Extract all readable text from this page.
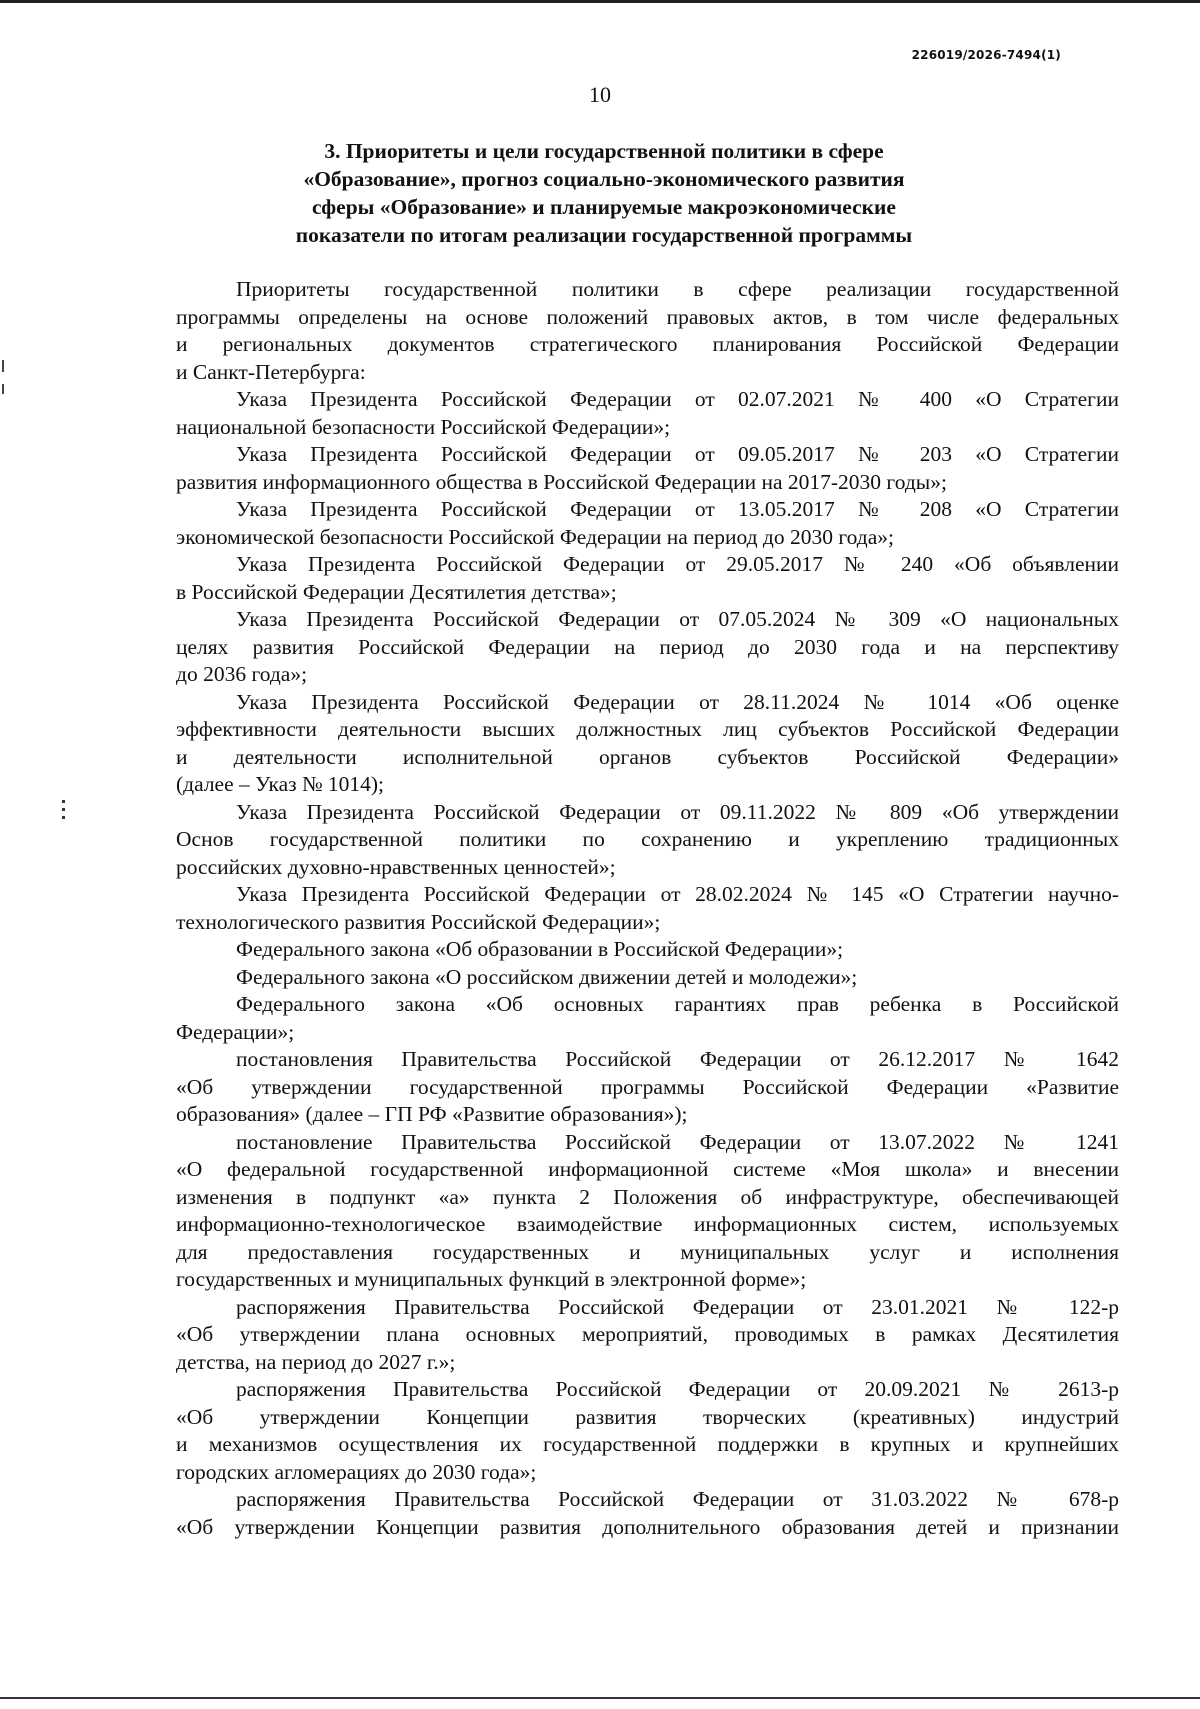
226019/2026-7494(1)

10

3. Приоритеты и цели государственной политики в сфере
«Образование», прогноз социально-экономического развития
сферы «Образование» и планируемые макроэкономические
показатели по итогам реализации государственной программы

Приоритеты государственной политики в сфере реализации государственной
программы определены на основе положений правовых актов, в том числе федеральных
и региональных документов стратегического планирования Российской Федерации
и Санкт-Петербурга:

Указа Президента Российской Федерации от 02.07.2021 № 400 «О Стратегии
национальной безопасности Российской Федерации»;

Указа Президента Российской Федерации от 09.05.2017 № 203 «О Стратегии
развития информационного общества в Российской Федерации на 2017-2030 годы»;

Указа Президента Российской Федерации от 13.05.2017 № 208 «О Стратегии
экономической безопасности Российской Федерации на период до 2030 года»;

Указа Президента Российской Федерации от 29.05.2017 № 240 «Об объявлении
в Российской Федерации Десятилетия детства»;

Указа Президента Российской Федерации от 07.05.2024 № 309 «О национальных
целях развития Российской Федерации на период до 2030 года и на перспективу
до 2036 года»;

Указа Президента Российской Федерации от 28.11.2024 № 1014 «Об оценке
эффективности деятельности высших должностных лиц субъектов Российской Федерации
и деятельности исполнительной органов субъектов Российской Федерации»
(далее – Указ № 1014);

Указа Президента Российской Федерации от 09.11.2022 № 809 «Об утверждении
Основ государственной политики по сохранению и укреплению традиционных
российских духовно-нравственных ценностей»;

Указа Президента Российской Федерации от 28.02.2024 № 145 «О Стратегии научно-
технологического развития Российской Федерации»;

Федерального закона «Об образовании в Российской Федерации»;

Федерального закона «О российском движении детей и молодежи»;

Федерального закона «Об основных гарантиях прав ребенка в Российской
Федерации»;

постановления Правительства Российской Федерации от 26.12.2017 № 1642
«Об утверждении государственной программы Российской Федерации «Развитие
образования» (далее – ГП РФ «Развитие образования»);

постановление Правительства Российской Федерации от 13.07.2022 № 1241
«О федеральной государственной информационной системе «Моя школа» и внесении
изменения в подпункт «а» пункта 2 Положения об инфраструктуре, обеспечивающей
информационно-технологическое взаимодействие информационных систем, используемых
для предоставления государственных и муниципальных услуг и исполнения
государственных и муниципальных функций в электронной форме»;

распоряжения Правительства Российской Федерации от 23.01.2021 № 122-р
«Об утверждении плана основных мероприятий, проводимых в рамках Десятилетия
детства, на период до 2027 г.»;

распоряжения Правительства Российской Федерации от 20.09.2021 № 2613-р
«Об утверждении Концепции развития творческих (креативных) индустрий
и механизмов осуществления их государственной поддержки в крупных и крупнейших
городских агломерациях до 2030 года»;

распоряжения Правительства Российской Федерации от 31.03.2022 № 678-р
«Об утверждении Концепции развития дополнительного образования детей и признании
